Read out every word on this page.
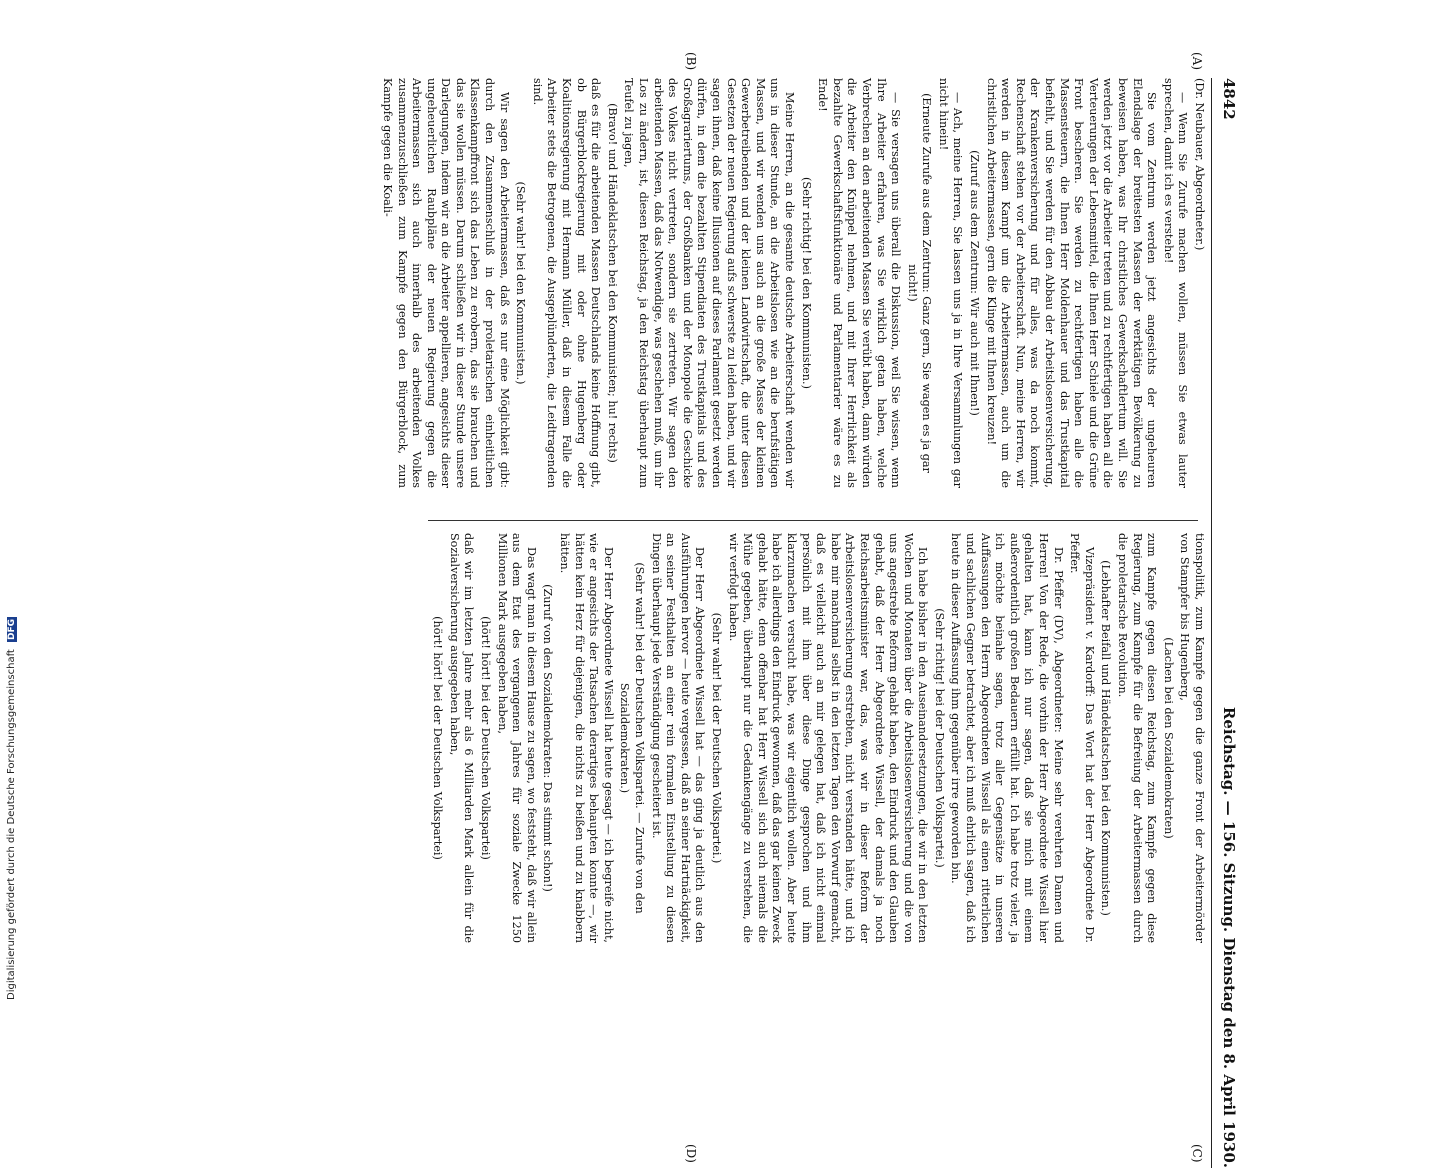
4842
Reichstag. — 156. Sitzung. Dienstag den 8. April 1930.

(Dr. Neubauer, Abgeordneter.)

— Wenn Sie Zurufe machen wollen, müssen Sie etwas lauter sprechen, damit ich es verstehe!

Sie vom Zentrum werden jetzt angesichts der ungeheuren Elendslage der breitesten Massen der werktätigen Bevölkerung zu beweisen haben, was Ihr christliches Gewerkschaftlertum will. Sie werden jetzt vor die Arbeiter treten und zu rechtfertigen haben all die Verteuerungen der Lebensmittel, die Ihnen Herr Schiele und die Grüne Front bescheren. Sie werden zu rechtfertigen haben alle die Massensteuern, die Ihnen Herr Moldenhauer und das Trustkapital befiehlt, und Sie werden für den Abbau der Arbeitslosenversicherung, der Krankenversicherung und für alles, was da noch kommt, Rechenschaft stehen vor der Arbeiterschaft. Nun, meine Herren, wir werden in diesem Kampf um die Arbeitermassen, auch um die christlichen Arbeitermassen, gern die Klinge mit Ihnen kreuzen!

(Zuruf aus dem Zentrum: Wir auch mit Ihnen!)

— Ach, meine Herren, Sie lassen uns ja in Ihre Versammlungen gar nicht hinein!

(Erneute Zurufe aus dem Zentrum: Ganz gern, Sie wagen es ja gar nicht!)

— Sie versagen uns überall die Diskussion, weil Sie wissen, wenn Ihre Arbeiter erfahren, was Sie wirklich getan haben, welche Verbrechen an den arbeitenden Massen Sie verübt haben, dann würden die Arbeiter den Knüppel nehmen, und mit Ihrer Herrlichkeit als bezahlte Gewerkschaftsfunktionäre und Parlamentarier wäre es zu Ende!

(Sehr richtig! bei den Kommunisten.)

Meine Herren, an die gesamte deutsche Arbeiterschaft wenden wir uns in dieser Stunde, an die Arbeitslosen wie an die berufstätigen Massen, und wir wenden uns auch an die große Masse der kleinen Gewerbetreibenden und der kleinen Landwirtschaft, die unter diesen Gesetzen der neuen Regierung aufs schwerste zu leiden haben, und wir sagen ihnen, daß keine Illusionen auf dieses Parlament gesetzt werden dürfen, in dem die bezahlten Stipendiaten des Trustkapitals und des Großagrariertums, der Großbanken und der Monopole die Geschicke des Volkes nicht vertreten, sondern sie zertreten. Wir sagen den arbeitenden Massen, daß das Notwendige, was geschehen muß, um ihr Los zu ändern, ist, diesen Reichstag, ja den Reichstag überhaupt zum Teufel zu jagen,

(Bravo! und Händeklatschen bei den Kommunisten; hu! rechts)

daß es für die arbeitenden Massen Deutschlands keine Hoffnung gibt, ob Bürgerblockregierung mit oder ohne Hugenberg oder Koalitionsregierung mit Hermann Müller, daß in diesem Falle die Arbeiter stets die Betrogenen, die Ausgeplünderten, die Leidtragenden sind.

(Sehr wahr! bei den Kommunisten.)

Wir sagen den Arbeitermassen, daß es nur eine Möglichkeit gibt: durch den Zusammenschluß in der proletarischen einheitlichen Klassenkampffront sich das Leben zu erobern, das sie brauchen und das sie wollen müssen. Darum schließen wir in dieser Stunde unsere Darlegungen, indem wir an die Arbeiter appellieren, angesichts dieser ungeheuerlichen Raubpläne der neuen Regierung gegen die Arbeitermassen sich auch innerhalb des arbeitenden Volkes zusammenzuschließen zum Kampfe gegen den Bürgerblock, zum Kampfe gegen die Koali-

tionspolitik, zum Kampfe gegen die ganze Front der Arbeitermörder von Stampfer bis Hugenberg,

(Lachen bei den Sozialdemokraten)

zum Kampfe gegen diesen Reichstag, zum Kampfe gegen diese Regierung, zum Kampfe für die Befreiung der Arbeitermassen durch die proletarische Revolution.

(Lebhafter Beifall und Händeklatschen bei den Kommunisten.)

Vizepräsident v. Kardorff: Das Wort hat der Herr Abgeordnete Dr. Pfeffer.

Dr. Pfeffer (DV), Abgeordneter: Meine sehr verehrten Damen und Herren! Von der Rede, die vorhin der Herr Abgeordnete Wissell hier gehalten hat, kann ich nur sagen, daß sie mich mit einem außerordentlich großen Bedauern erfüllt hat. Ich habe trotz vieler, ja ich möchte beinahe sagen, trotz aller Gegensätze in unseren Auffassungen den Herrn Abgeordneten Wissell als einen ritterlichen und sachlichen Gegner betrachtet, aber ich muß ehrlich sagen, daß ich heute in dieser Auffassung ihm gegenüber irre geworden bin.

(Sehr richtig! bei der Deutschen Volkspartei.)

Ich habe bisher in den Auseinandersetzungen, die wir in den letzten Wochen und Monaten über die Arbeitslosenversicherung und die von uns angestrebte Reform gehabt haben, den Eindruck und den Glauben gehabt, daß der Herr Abgeordnete Wissell, der damals ja noch Reichsarbeitsminister war, das, was wir in dieser Reform der Arbeitslosenversicherung erstrebten, nicht verstanden hätte, und ich habe mir manchmal selbst in den letzten Tagen den Vorwurf gemacht, daß es vielleicht auch an mir gelegen hat, daß ich nicht einmal persönlich mit ihm über diese Dinge gesprochen und ihm klarzumachen versucht habe, was wir eigentlich wollen. Aber heute habe ich allerdings den Eindruck gewonnen, daß das gar keinen Zweck gehabt hätte, denn offenbar hat Herr Wissell sich auch niemals die Mühe gegeben, überhaupt nur die Gedankengänge zu verstehen, die wir verfolgt haben.

(Sehr wahr! bei der Deutschen Volkspartei.)

Der Herr Abgeordnete Wissell hat — das ging ja deutlich aus den Ausführungen hervor — heute vergessen, daß an seiner Hartnäckigkeit, an seiner Festhalten an einer rein formalen Einstellung zu diesen Dingen überhaupt jede Verständigung gescheitert ist.

(Sehr wahr! bei der Deutschen Volkspartei. — Zurufe von den Sozialdemokraten.)

Der Herr Abgeordnete Wissell hat heute gesagt — ich begreife nicht, wie er angesichts der Tatsachen derartiges behaupten konnte —, wir hätten kein Herz für diejenigen, die nichts zu beißen und zu knabbern hätten.

(Zuruf von den Sozialdemokraten: Das stimmt schon!)

Das wagt man in diesem Hause zu sagen, wo feststeht, daß wir allein aus dem Etat des vergangenen Jahres für soziale Zwecke 1250 Millionen Mark ausgegeben haben,

(hört! hört! bei der Deutschen Volkspartei)

daß wir im letzten Jahre mehr als 6 Milliarden Mark allein für die Sozialversicherung ausgegeben haben,

(hört! hört! bei der Deutschen Volkspartei)

(A)
(B)
(C)
(D)
Digitalisierung gefördert durch die Deutsche Forschungsgemeinschaft DFG
